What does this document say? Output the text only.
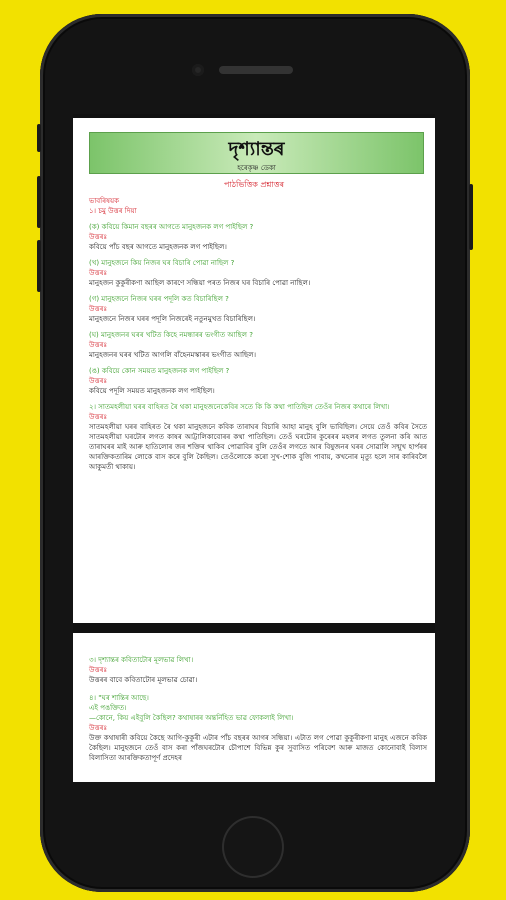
দৃশ্যান্তৰ
হৰেকৃষ্ণ ডেকা
পাঠভিত্তিক প্ৰশ্নাত্তৰ
ভাবৰিষয়ক
১। চমু উত্তৰ দিয়া
(ক) কবিয়ে কিমান বছৰৰ আগতে মানুহজনক লগ পাইছিল ?
উত্তৰঃ
কবিয়ে পাঁচ বছৰ আগতে মানুহজনক লগ পাইছিল।
(খ) মানুহজনে কিয় নিজৰ ঘৰ বিচাৰি পোৱা নাছিল ?
উত্তৰঃ
মানুহজন কুকুৰীকণা আছিল কাৰণে সন্ধিয়া পৰত নিজৰ ঘৰ বিচাৰি পোৱা নাছিল।
(গ) মানুহজনে নিজৰ ঘৰৰ পদূলি কত বিচাৰিছিল ?
উত্তৰঃ
মানুহজনে নিজৰ ঘৰৰ পদূলি নিজৰেই নতুনমুখত বিচাৰিছিল।
(ঘ) মানুহজনৰ ঘৰৰ খটিত কিহে নমন্ধাৰৰ ভংগীত আছিল ?
উত্তৰঃ
মানুহজনৰ ঘৰৰ খটিত আগলি বাঁহেনমস্কাৰৰ ভংগীত আছিল।
(ঙ) কবিয়ে কোন সময়ত মানুহজনক লগ পাইছিল ?
উত্তৰঃ
কবিয়ে পদূলি সময়ত মানুহজনক লগ পাইছিল।
২। সাতমহলীয়া ঘৰৰ বাহিৰত ৰৈ থকা মানুহজনেকেবিৰ সতে কি কি কথা পাতিছিল তেওঁৰ নিজৰ কথাৰে লিখা।
উত্তৰঃ
সাতমহলীয়া ঘৰৰ বাহিৰত ৰৈ থকা মানুহজনে কবিক তাৰাঘৰ বিচাৰি আহা মানুহ বুলি ভাবিছিল। সেয়ে তেওঁ কবিৰ সৈতে সাতমহলীয়া ঘৰটোৰ লগত কাষৰ আট্টালিকাবোৰৰ কথা পাতিছিল। তেওঁ ঘৰটোৰ কুৰেৰৰ মহলৰ লগত তুলনা কৰি আত তাৰাঘৰৰ মাই আৰু হাতিলোৰ জৰ শক্তিৰ থাকিব পোৱাবিৰ বুলি তেওঁৰ লগতে আৰ বিষুজনৰ ঘৰৰ সোৱালি সন্মুখ হাৰ্পৰৰ আৰক্তিকতাৰিম লোকে বাস কৰে বুলি কৈছিল। তেওঁলোকে কৰো সুখ-শোক বুজি পাবায়, কখনোৰ মৃত্যু হলে সাৰ কাৰিবলৈ আকুমতী থাকায়।
৩। দৃশ্যান্তৰ কবিতাটোৰ মূলভাৱ লিখা।
উত্তৰঃ
উত্তৰৰ বাবে কবিতাটোৰ মূলভাৱ চোৱা।
৪। "ঘৰ শান্তিৰ আছে।
এই পঙক্তিত।
—কোনে, কিয় এইবুলি কৈছিল? কথাষাৰৰ অন্তৰ্নিহিত ভাৱ ফোকলাই লিখা।
উত্তৰঃ
উক্ত কথাষাৰী কবিয়ে কৈছে আগি-কুকুৰী এটাৰ পাঁচ বছৰৰ আগৰ সন্ধিয়া। এটাত লগ পোৱা কুকুৰীকণা মানুহ এজনে কবিক কৈছিল। মানুহজনে তেওঁ বাস কৰা পাঁজঘৰটোৰ চৌপাশে বিভিন্ন কুৰ সুবাসিত পৰিবেশ আৰু মাজত কোনোবাই বিলাস বিলাসিতা আৰক্তিকতাপূৰ্ণ প্ৰদেহৰ
